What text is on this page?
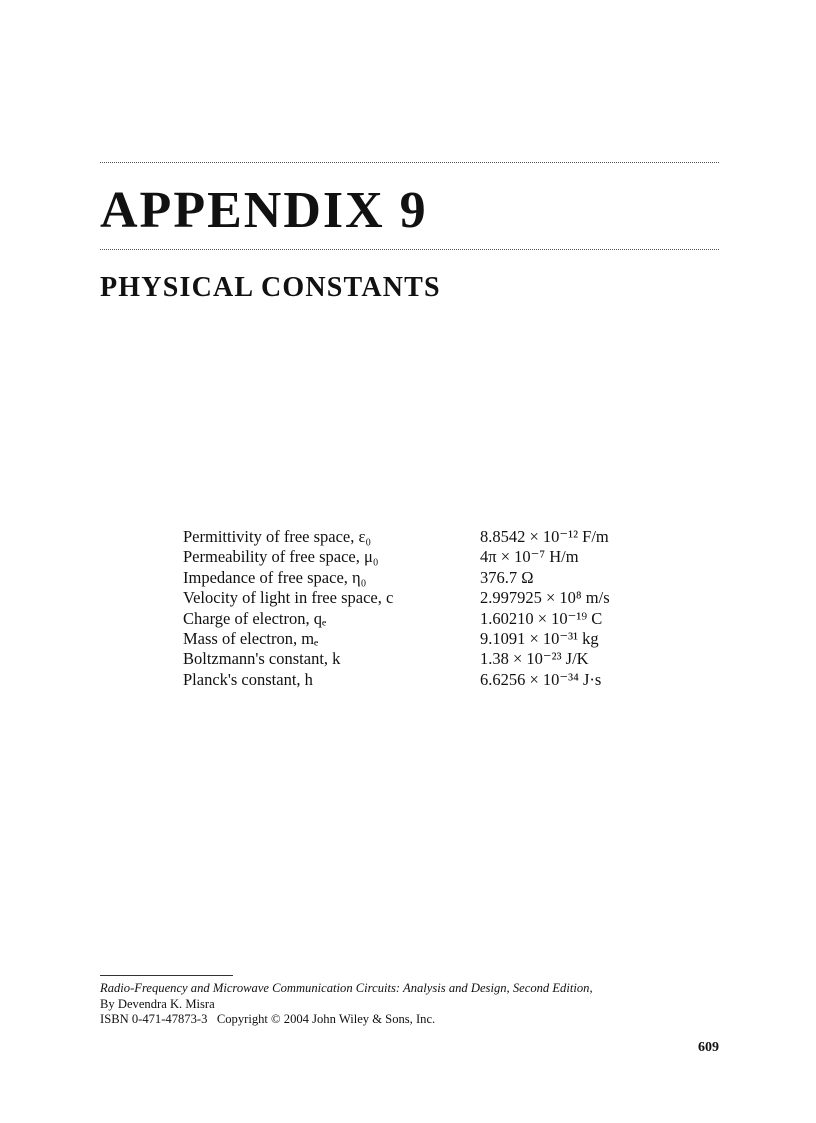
APPENDIX 9
PHYSICAL CONSTANTS
Permittivity of free space, ε₀	8.8542 × 10⁻¹² F/m
Permeability of free space, μ₀	4π × 10⁻⁷ H/m
Impedance of free space, η₀	376.7 Ω
Velocity of light in free space, c	2.997925 × 10⁸ m/s
Charge of electron, qₑ	1.60210 × 10⁻¹⁹ C
Mass of electron, mₑ	9.1091 × 10⁻³¹ kg
Boltzmann's constant, k	1.38 × 10⁻²³ J/K
Planck's constant, h	6.6256 × 10⁻³⁴ J·s
Radio-Frequency and Microwave Communication Circuits: Analysis and Design, Second Edition,
By Devendra K. Misra
ISBN 0-471-47873-3   Copyright © 2004 John Wiley & Sons, Inc.
609
